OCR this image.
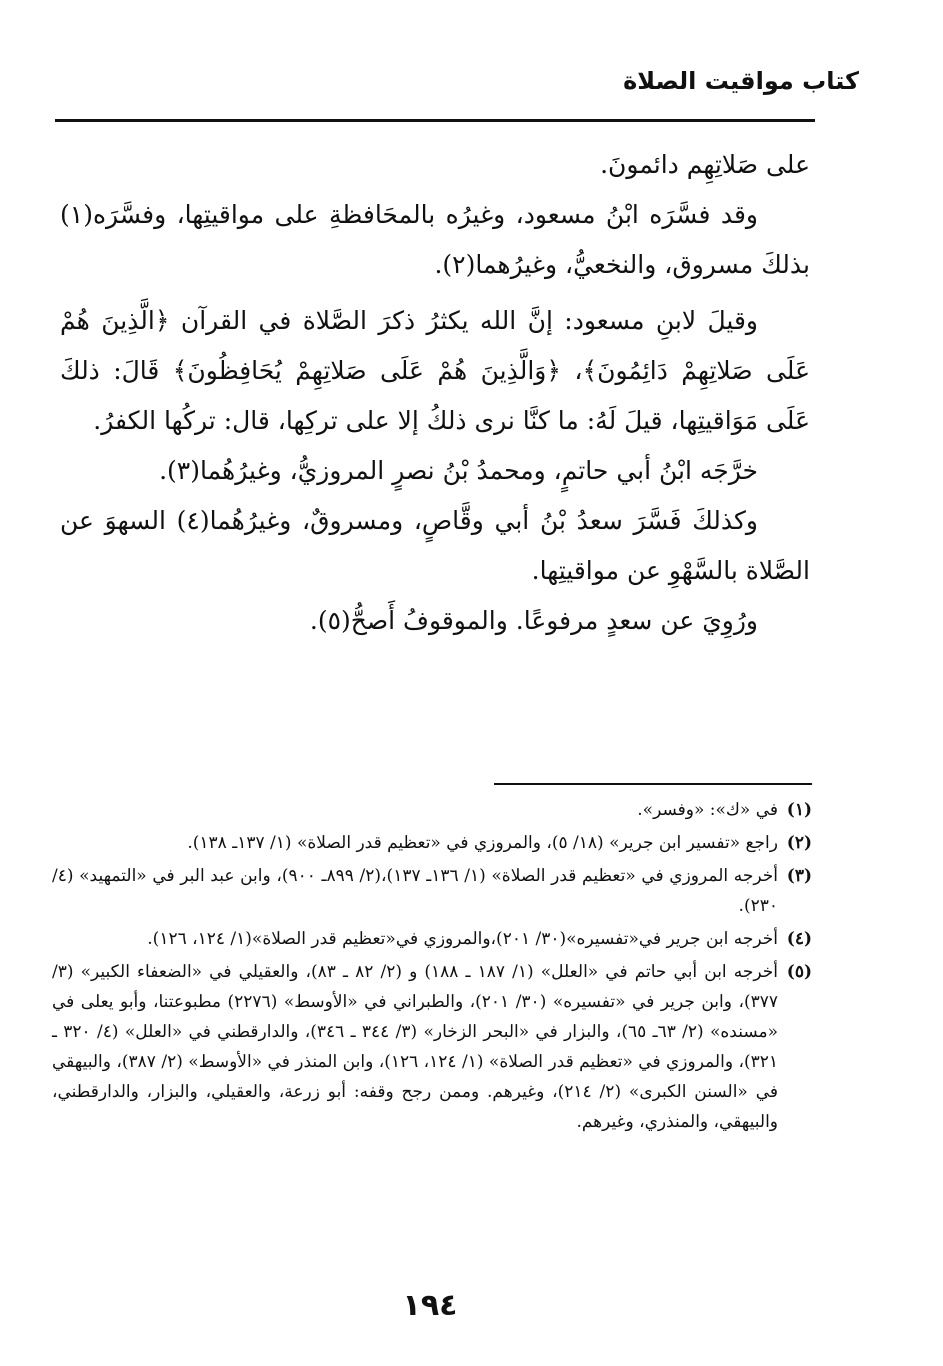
كتاب مواقيت الصلاة

على صَلاتِهِم دائمونَ.

وقد فسَّرَه ابْنُ مسعود، وغيرُه بالمحَافظةِ على مواقيتِها، وفسَّرَه(١) بذلكَ مسروق، والنخعيُّ، وغيرُهما(٢).

وقيلَ لابنِ مسعود: إنَّ الله يكثرُ ذكرَ الصَّلاة في القرآن ﴿الَّذِينَ هُمْ عَلَى صَلاتِهِمْ دَائِمُونَ﴾، ﴿وَالَّذِينَ هُمْ عَلَى صَلاتِهِمْ يُحَافِظُونَ﴾ قَالَ: ذلكَ عَلَى مَوَاقيتِها، قيلَ لَهُ: ما كنَّا نرى ذلكُ إلا على تركِها، قال: تركُها الكفرُ.

خرَّجَه ابْنُ أبي حاتمٍ، ومحمدُ بْنُ نصرٍ المروزيُّ، وغيرُهُما(٣).

وكذلكَ فَسَّرَ سعدُ بْنُ أبي وقَّاصٍ، ومسروقٌ، وغيرُهُما(٤) السهوَ عن الصَّلاة بالسَّهْوِ عن مواقيتِها.

ورُوِيَ عن سعدٍ مرفوعًا. والموقوفُ أَصحُّ(٥).

(١)
في «ك»: «وفسر».
(٢)
راجع «تفسير ابن جرير» (١٨/ ٥)، والمروزي في «تعظيم قدر الصلاة» (١/ ١٣٧ـ ١٣٨).
(٣)
أخرجه المروزي في «تعظيم قدر الصلاة» (١/ ١٣٦ـ ١٣٧)،(٢/ ٨٩٩ـ ٩٠٠)، وابن عبد البر في «التمهيد» (٤/ ٢٣٠).
(٤)
أخرجه ابن جرير في«تفسيره»(٣٠/ ٢٠١)،والمروزي في«تعظيم قدر الصلاة»(١/ ١٢٤، ١٢٦).
(٥)
أخرجه ابن أبي حاتم في «العلل» (١/ ١٨٧ ـ ١٨٨) و (٢/ ٨٢ ـ ٨٣)، والعقيلي في «الضعفاء الكبير» (٣/ ٣٧٧)، وابن جرير في «تفسيره» (٣٠/ ٢٠١)، والطبراني في «الأوسط» (٢٢٧٦) مطبوعتنا، وأبو يعلى في «مسنده» (٢/ ٦٣ـ ٦٥)، والبزار في «البحر الزخار» (٣/ ٣٤٤ ـ ٣٤٦)، والدارقطني في «العلل» (٤/ ٣٢٠ ـ ٣٢١)، والمروزي في «تعظيم قدر الصلاة» (١/ ١٢٤، ١٢٦)، وابن المنذر في «الأوسط» (٢/ ٣٨٧)، والبيهقي في «السنن الكبرى» (٢/ ٢١٤)، وغيرهم. وممن رجح وقفه: أبو زرعة، والعقيلي، والبزار، والدارقطني، والبيهقي، والمنذري، وغيرهم.
١٩٤
